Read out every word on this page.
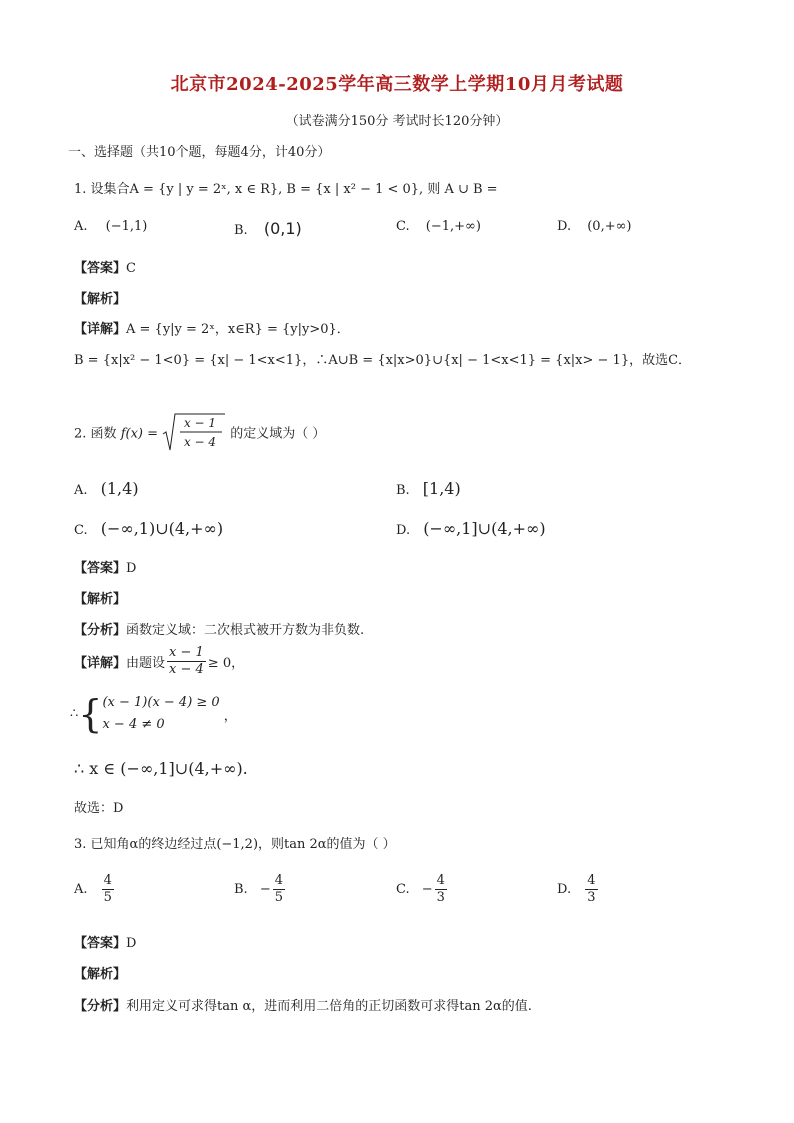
北京市2024-2025学年高三数学上学期10月月考试题
（试卷满分150分 考试时长120分钟）
一、选择题（共10个题，每题4分，计40分）
1. 设集合A = {y | y = 2ˣ, x ∈ R}, B = {x | x² − 1 < 0}, 则 A ∪ B =
A. (−1,1)	B. (0,1)	C. (−1,+∞)	D. (0,+∞)
【答案】C
【解析】
【详解】A = {y|y = 2ˣ，x∈R} = {y|y>0}．
B = {x|x² − 1<0} = {x| − 1<x<1}，∴A∪B = {x|x>0}∪{x| − 1<x<1} = {x|x> − 1}，故选C．
2. 函数 f(x) =
x − 1
x − 4
的定义域为（ ）
A. (1,4)	B. [1,4)
C. (−∞,1)∪(4,+∞)	D. (−∞,1]∪(4,+∞)
【答案】D
【解析】
【分析】函数定义域：二次根式被开方数为非负数.
【详解】由题设 $\frac{x - 1}{x - 4} \ge 0$，
∴{ (x − 1)(x − 4) ≥ 0
x − 4 ≠ 0
，
∴ x ∈ (−∞,1]∪(4,+∞).
故选：D
3. 已知角α的终边经过点(−1,2)，则tan 2α的值为（ ）
A. $\frac{4}{5}$	B. − $\frac{4}{5}$	C. − $\frac{4}{3}$	D. $\frac{4}{3}$
【答案】D
【解析】
【分析】利用定义可求得tan α，进而利用二倍角的正切函数可求得tan 2α的值.
